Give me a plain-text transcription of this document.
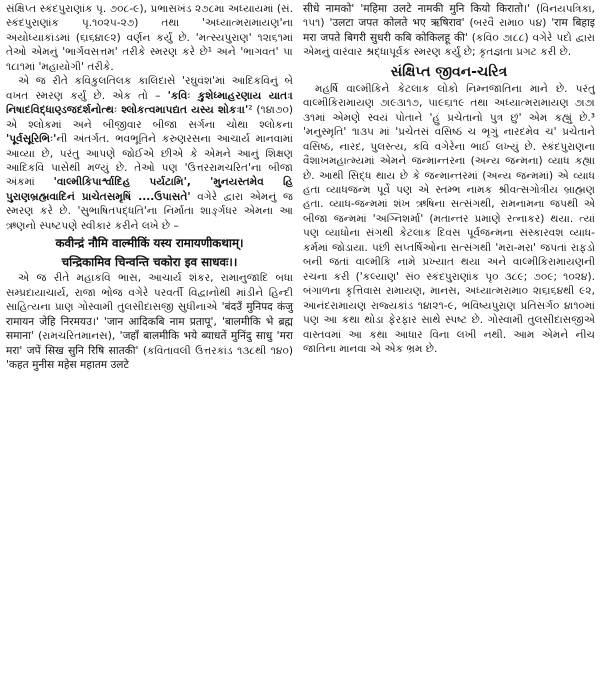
સંક્ષિપ્ત સ્કંદપુરાણાંક પૃ. ૭૦૮-૯), પ્રભાસખંડ ૨૭૮મા અધ્યાયમાં (સં. સ્કંદપુરાણાંક પૃ.૧૦૨૫-૨૭) તથા 'અધ્યાત્મરામાયણ'ના અયોધ્યાકાંડમાં (૬।૬૪।૯૨) વર્ણન કર્યું છે. 'મત્સ્યપુરાણ' ૧૨।૬૧માં તેઓ એમનું 'ભાર્ગવસત્તમ' તરીકે સ્મરણ કરે છે¹ અને 'ભાગવત' ૫।૧૮।૧માં 'મહાયોગી' તરીકે.

એ જ રીતે કવિકુલતિલક કાલિદાસે 'રઘુવંશ'માં આદિકવિનું બે વખત સ્મરણ કર્યું છે. એક તો – 'કવિઃ કુશેધ્માહરણાય યાતઃ।નિષાદવિદ્ધાણ્ડજદર્શનોત્થઃ શ્લોકત્વમાપદ્યત યસ્ય શોકઃ।।'² (૧૪।૭૦) એ શ્લોકમાં અને બીજીવાર બીજા સર્ગના ચોથા શ્લોકના 'પૂર્વસૂરિભિઃ'ની અંતર્ગત. ભવભૂતિને કરુણરસના આચાર્ય માનવામાં આવ્યા છે, પરંતુ આપણે જોઈએ છીએ કે એમને આનું શિક્ષણ આદિકવિ પાસેથી મળ્યું છે. તેઓ પણ 'ઉત્તરરામચરિત'ના બીજા અંકમાં 'વાલ્મીકિપાર્શ્વાદિહ પર્યટામિ', 'મુનયસ્તમેવ હિ પુરાણબ્રહ્મવાદિનં પ્રાચેતસમૃષિં ....ઉપાસતે' વગેરે દ્વારા એમનું જ સ્મરણ કરે છે. 'સુભાષિતપદ્ધતિ'ના નિર્માતા શાર્ઙ્ગધર એમના આ ઋણનો સ્પષ્ટપણે સ્વીકાર કરીને લખે છે –

कवीन्द्रं नौमि वाल्मीकिं यस्य रामायणीकथाम्।
चन्द्रिकामिव चिन्वन्ति चकोरा इव साधवः।।

એ જ રીતે મહાકવિ ભાસ, આચાર્ય શંકર, રામાનુજાદિ બધા સમ્પ્રદાયાચાર્ય, રાજા ભોજ વગેરે પરવર્તી વિદ્વાનોથી માંડીને હિન્દી સાહિત્યના પ્રાણ ગોસ્વામી તુલસીદાસજી સુધીનાએ 'बंदउँ मुनिपद कंजु रामायन जेहि निरमयउ।' 'जान आदिकबि नाम प्रतापू', 'बालमीकि भे ब्रह्म समाना' (રામચરિતમાનસ), 'जहाँ बालमीकि भये ब्याधतें मुनिंदु साधु 'मरा मरा' जपें सिख सुनि रिषि सातकी' (કવિતાવલી ઉત્તરકાંડ ૧૩૮થી ૧૪૦) 'कहत मुनीस महेस महातम उलटे

सीधे नामको' 'महिमा उलटे नामकी मुनि कियो किरातो।' (વિનયપત્રિકા, ૧૫૧) 'उलटा जपत कोलते भए ऋषिराव' (બરવૈ રામા૦ ૫૪) 'राम बिहाइ मरा जपते बिगरी सुधरी कबि कोकिलहू की' (કવિ૦ ૭।૮૮) વગેરે પદો દ્વારા એમનું વારંવાર શ્રદ્ધાપૂર્વક સ્મરણ કર્યું છે; કૃતજ્ઞતા પ્રગટ કરી છે.

સંક્ષિપ્ત જીવન-ચરિત્ર

મહર્ષિ વાલ્મીકિને કેટલાક લોકો નિમ્નજાતિના માને છે. પરંતુ વાલ્મીકિરામાયણ ૭।૯૩।૧૭, ૫।૯૬।૧૯ તથા અધ્યાત્મરામાયણ ૭।૭।૩૧માં એમણે સ્વયં પોતાને 'હું પ્રચેતાનો પુત્ર છું' એમ કહ્યું છે.³ 'મનુસ્મૃતિ' ૧।૩૫ માં 'પ્રચેતસં વસિષ્ઠં ચ ભૃગું નારદમેવ ચ' પ્રચેતાને વસિષ્ઠ, નારદ, પુલસ્ત્ય, કવિ વગેરેના ભાઈ લખ્યું છે. સ્કંદપુરાણના વૈશાખમહાત્મ્યમાં એમને જન્માન્તરના (અન્ય જન્મના) વ્યાધ કહ્યા છે. આથી સિદ્ધ થાય છે કે જન્માન્તરમાં (અન્ય જન્મમાં) એ વ્યાધ હતા વ્યાધજન્મ પૂર્વે પણ એ સ્તમ્ભ નામક શ્રીવત્સગોત્રીય બ્રાહ્મણ હતા. વ્યાધ-જન્મમાં શંખ ઋષિના સત્સંગથી, રામનામના જપથી એ બીજા જન્મમાં 'અગ્નિશર્મા' (મતાન્તર પ્રમાણે રત્નાકર) થયા. ત્યાં પણ વ્યાધોના સંગથી કેટલાક દિવસ પૂર્વજન્મના સંસ્કારવશ વ્યાધ-કર્મમાં જોડાયા. પછી સપ્તર્ષિઓના સત્સંગથી 'મરા-મરા' જપતાં રાફડો બની જતાં વાલ્મીકિ નામે પ્રખ્યાત થયા અને વાલ્મીકિરામાયણની રચના કરી ('કલ્યાણ' સં૦ સ્કંદપુરાણાંક પૃ૦ ૩૮૯; ૭૦૯; ૧૦૨૪). બંગાળના કૃત્તિવાસ રામાયણ, માનસ, અધ્યાત્મરામા૦ ૨।૬।૬૪થી ૯૨, આનંદરામાયણ રાજ્યકાંડ ૧૪।૨૧-૯, ભવિષ્યપુરાણ પ્રતિસર્ગ૦ ૪।૧૦માં પણ આ કથા થોડા ફેરફાર સાથે સ્પષ્ટ છે. ગોસ્વામી તુલસીદાસજીએ વાસ્તવમાં આ કથા આધાર વિના લખી નથી. આમ એમને નીચ જાતિના માનવા એ એક ભ્રમ છે.
